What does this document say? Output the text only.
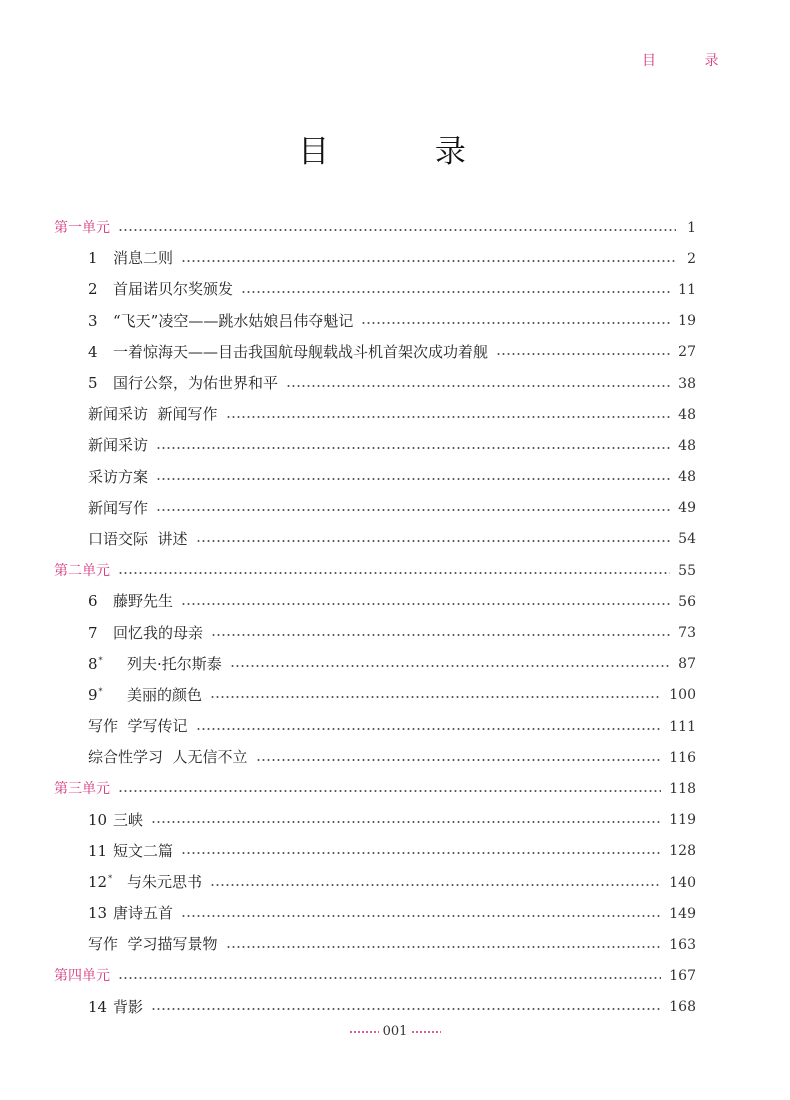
目 录
目 录
第一单元	1
1	消息二则	2
2	首届诺贝尔奖颁发	11
3	“飞天”凌空——跳水姑娘吕伟夺魁记	19
4	一着惊海天——目击我国航母舰载战斗机首架次成功着舰	27
5	国行公祭，为佑世界和平	38
新闻采访  新闻写作	48
新闻采访	48
采访方案	48
新闻写作	49
口语交际  讲述	54
第二单元	55
6	藤野先生	56
7	回忆我的母亲	73
8*	列夫·托尔斯泰	87
9*	美丽的颜色	100
写作  学写传记	111
综合性学习  人无信不立	116
第三单元	118
10 三峡	119
11 短文二篇	128
12* 与朱元思书	140
13 唐诗五首	149
写作  学习描写景物	163
第四单元	167
14 背影	168
001
